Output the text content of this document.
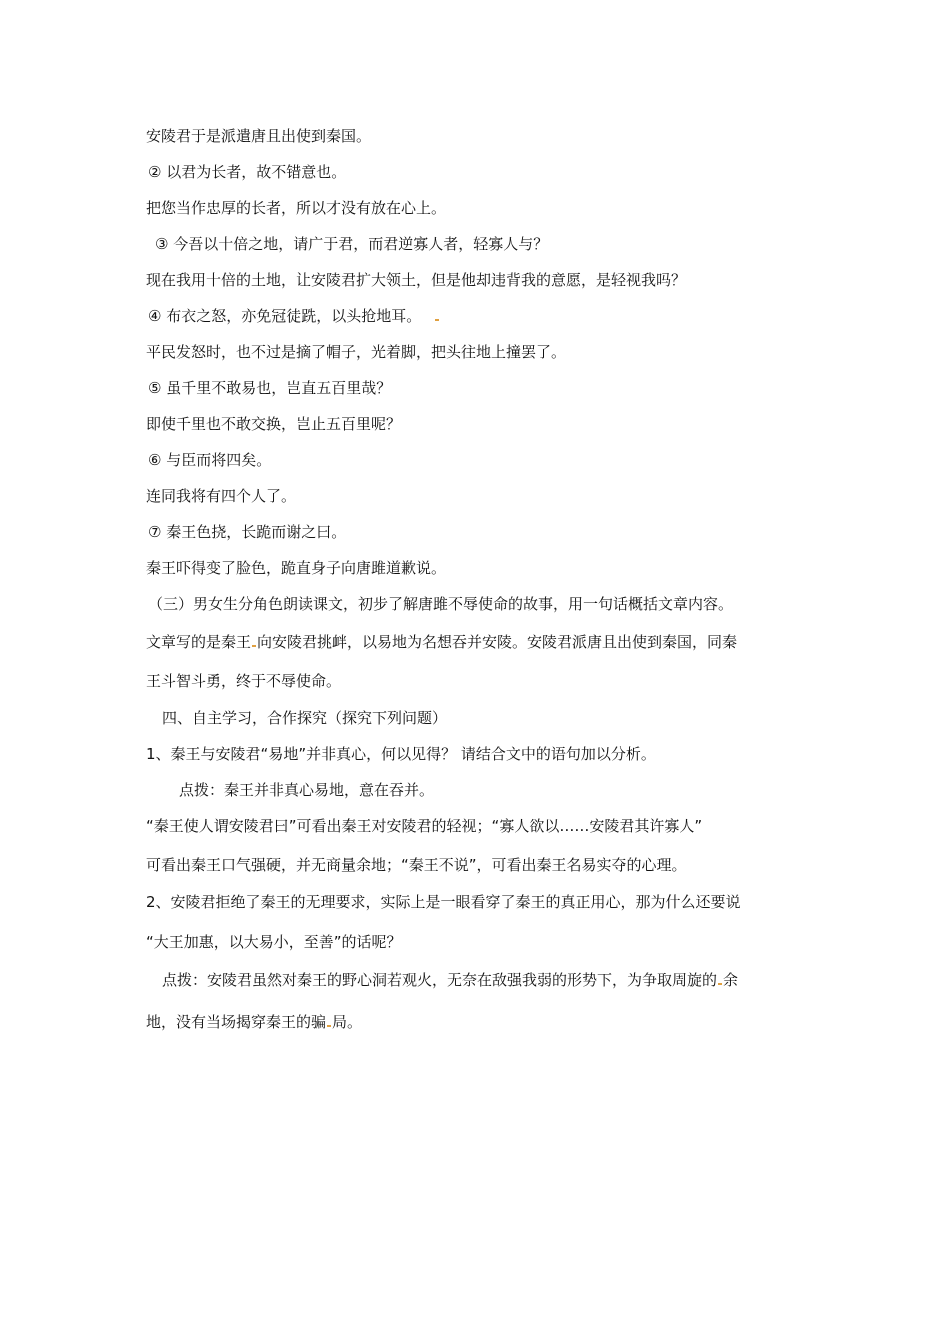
安陵君于是派遣唐且出使到秦国。
② 以君为长者，故不错意也。
把您当作忠厚的长者，所以才没有放在心上。
③ 今吾以十倍之地，请广于君，而君逆寡人者，轻寡人与？
现在我用十倍的土地，让安陵君扩大领土，但是他却违背我的意愿，是轻视我吗？
④ 布衣之怒，亦免冠徒跣，以头抢地耳。
平民发怒时，也不过是摘了帽子，光着脚，把头往地上撞罢了。
⑤ 虽千里不敢易也，岂直五百里哉？
即使千里也不敢交换，岂止五百里呢？
⑥ 与臣而将四矣。
连同我将有四个人了。
⑦ 秦王色挠，长跪而谢之曰。
秦王吓得变了脸色，跪直身子向唐雎道歉说。
（三）男女生分角色朗读课文，初步了解唐雎不辱使命的故事，用一句话概括文章内容。
文章写的是秦王 向安陵君挑衅，以易地为名想吞并安陵。安陵君派唐且出使到秦国，同秦
王斗智斗勇，终于不辱使命。
四、自主学习，合作探究（探究下列问题）
1、秦王与安陵君“易地”并非真心，何以见得？ 请结合文中的语句加以分析。
点拨：秦王并非真心易地，意在吞并。
“秦王使人谓安陵君曰”可看出秦王对安陵君的轻视；“寡人欲以……安陵君其许寡人”
可看出秦王口气强硬，并无商量余地；“秦王不说”，可看出秦王名易实夺的心理。
2、安陵君拒绝了秦王的无理要求，实际上是一眼看穿了秦王的真正用心，那为什么还要说
“大王加惠，以大易小，至善”的话呢？
点拨：安陵君虽然对秦王的野心洞若观火，无奈在敌强我弱的形势下，为争取周旋的 余
地，没有当场揭穿秦王的骗 局。
